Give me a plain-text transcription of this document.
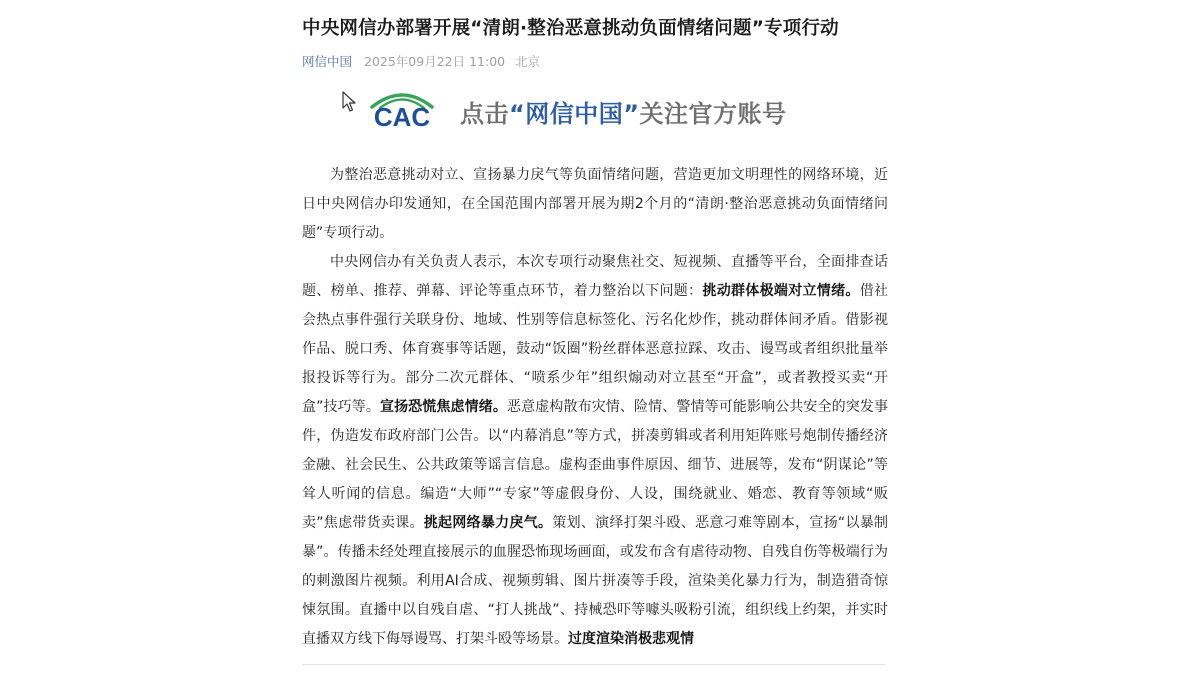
中央网信办部署开展“清朗·整治恶意挑动负面情绪问题”专项行动
网信中国 2025年09月22日 11:00 北京
CAC 点击“网信中国”关注官方账号

为整治恶意挑动对立、宣扬暴力戾气等负面情绪问题，营造更加文明理性的网络环境，近日中央网信办印发通知，在全国范围内部署开展为期2个月的“清朗·整治恶意挑动负面情绪问题”专项行动。

中央网信办有关负责人表示，本次专项行动聚焦社交、短视频、直播等平台，全面排查话题、榜单、推荐、弹幕、评论等重点环节，着力整治以下问题：挑动群体极端对立情绪。借社会热点事件强行关联身份、地域、性别等信息标签化、污名化炒作，挑动群体间矛盾。借影视作品、脱口秀、体育赛事等话题，鼓动“饭圈”粉丝群体恶意拉踩、攻击、谩骂或者组织批量举报投诉等行为。部分二次元群体、“喷系少年”组织煽动对立甚至“开盒”，或者教授买卖“开盒”技巧等。宣扬恐慌焦虑情绪。恶意虚构散布灾情、险情、警情等可能影响公共安全的突发事件，伪造发布政府部门公告。以“内幕消息”等方式，拼凑剪辑或者利用矩阵账号炮制传播经济金融、社会民生、公共政策等谣言信息。虚构歪曲事件原因、细节、进展等，发布“阴谋论”等耸人听闻的信息。编造“大师”“专家”等虚假身份、人设，围绕就业、婚恋、教育等领域“贩卖”焦虑带货卖课。挑起网络暴力戾气。策划、演绎打架斗殴、恶意刁难等剧本，宣扬“以暴制暴”。传播未经处理直接展示的血腥恐怖现场画面，或发布含有虐待动物、自残自伤等极端行为的刺激图片视频。利用AI合成、视频剪辑、图片拼凑等手段，渲染美化暴力行为，制造猎奇惊悚氛围。直播中以自残自虐、“打人挑战”、持械恐吓等噱头吸粉引流，组织线上约架，并实时直播双方线下侮辱谩骂、打架斗殴等场景。过度渲染消极悲观情
